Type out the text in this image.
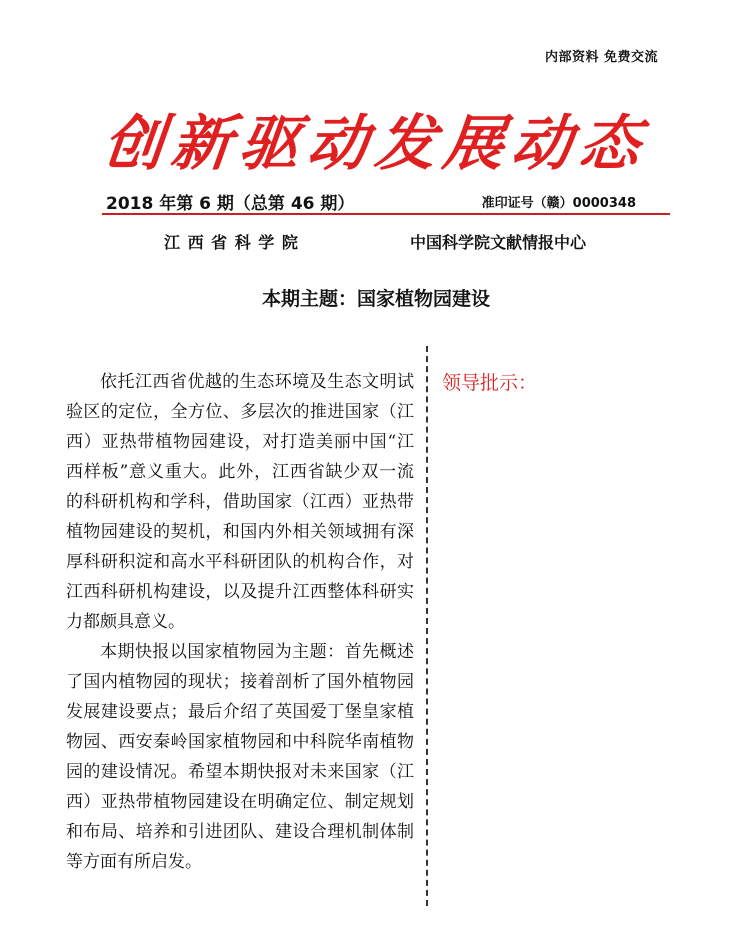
内部资料 免费交流
创新驱动发展动态
2018 年第 6 期（总第 46 期）	准印证号（赣）0000348
江 西 省 科 学 院	中国科学院文献情报中心
本期主题：国家植物园建设

依托江西省优越的生态环境及生态文明试验区的定位，全方位、多层次的推进国家（江西）亚热带植物园建设，对打造美丽中国“江西样板”意义重大。此外，江西省缺少双一流的科研机构和学科，借助国家（江西）亚热带植物园建设的契机，和国内外相关领域拥有深厚科研积淀和高水平科研团队的机构合作，对江西科研机构建设，以及提升江西整体科研实力都颇具意义。

本期快报以国家植物园为主题：首先概述了国内植物园的现状；接着剖析了国外植物园发展建设要点；最后介绍了英国爱丁堡皇家植物园、西安秦岭国家植物园和中科院华南植物园的建设情况。希望本期快报对未来国家（江西）亚热带植物园建设在明确定位、制定规划和布局、培养和引进团队、建设合理机制体制等方面有所启发。

领导批示：
